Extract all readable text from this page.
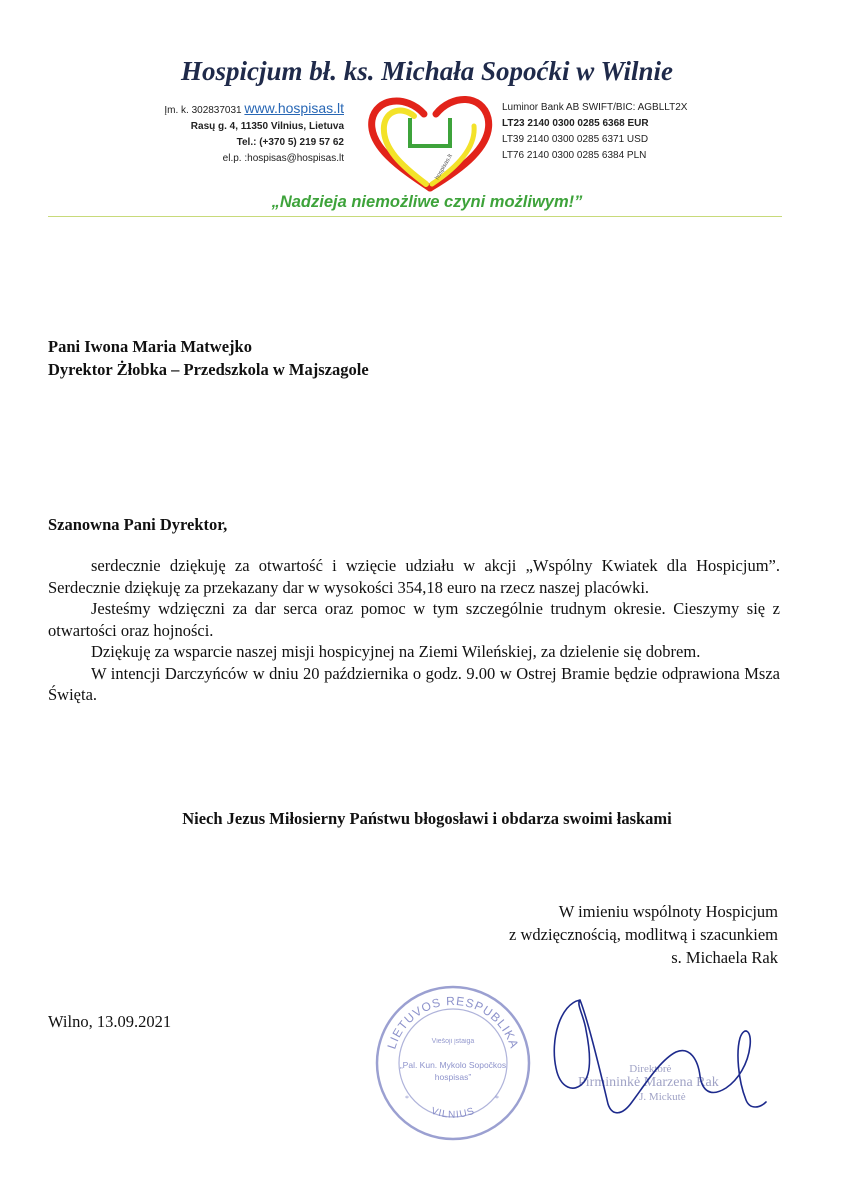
Hospicjum bł. ks. Michała Sopoćki w Wilnie
Įm. k. 302837031 www.hospisas.lt
Rasų g. 4, 11350 Vilnius, Lietuva
Tel.: (+370 5) 219 57 62
el.p. :hospisas@hospisas.lt	hospisas.lt
Luminor Bank AB SWIFT/BIC: AGBLLT2X
LT23 2140 0300 0285 6368 EUR
LT39 2140 0300 0285 6371 USD
LT76 2140 0300 0285 6384 PLN
„Nadzieja niemożliwe czyni możliwym!”
Pani Iwona Maria Matwejko
Dyrektor Żłobka – Przedszkola w Majszagole
Szanowna Pani Dyrektor,

serdecznie dziękuję za otwartość i wzięcie udziału w akcji „Wspólny Kwiatek dla Hospicjum”. Serdecznie dziękuję za przekazany dar w wysokości 354,18 euro na rzecz naszej placówki.

Jesteśmy wdzięczni za dar serca oraz pomoc w tym szczególnie trudnym okresie. Cieszymy się z otwartości oraz hojności.

Dziękuję za wsparcie naszej misji hospicyjnej na Ziemi Wileńskiej, za dzielenie się dobrem.

W intencji Darczyńców w dniu 20 października o godz. 9.00 w Ostrej Bramie będzie odprawiona Msza Święta.

Niech Jezus Miłosierny Państwu błogosławi i obdarza swoimi łaskami
W imieniu wspólnoty Hospicjum
z wdzięcznością, modlitwą i szacunkiem
s. Michaela Rak
Wilno, 13.09.2021
LIETUVOS RESPUBLIKA
VILNIUS
Viešoji įstaiga
„Pal. Kun. Mykolo Sopočkos
hospisas”
*	*
Direktorė
Pirmininkė Marzena Rak
J. Mickutė
